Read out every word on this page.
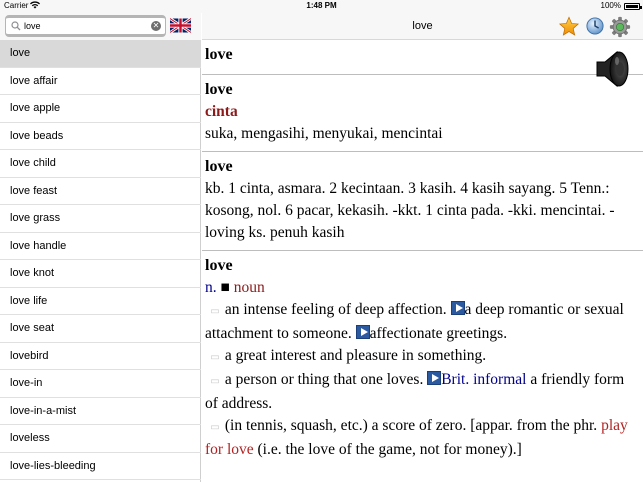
Carrier	1:48 PM	100%
love
✕
love
love affair
love apple
love beads
love child
love feast
love grass
love handle
love knot
love life
love seat
lovebird
love-in
love-in-a-mist
loveless
love-lies-bleeding
love
love
love
cinta
suka, mengasihi, menyukai, mencintai
love
kb. 1 cinta, asmara. 2 kecintaan. 3 kasih. 4 kasih sayang. 5 Tenn.: kosong, nol. 6 pacar, kekasih. -kkt. 1 cinta pada. -kki. mencintai. -loving ks. penuh kasih
love
n. ■ noun
▭ an intense feeling of deep affection. a deep romantic or sexual attachment to someone. affectionate greetings.
▭ a great interest and pleasure in something.
▭ a person or thing that one loves. Brit. informal a friendly form of address.
▭ (in tennis, squash, etc.) a score of zero. [appar. from the phr. play for love (i.e. the love of the game, not for money).]
